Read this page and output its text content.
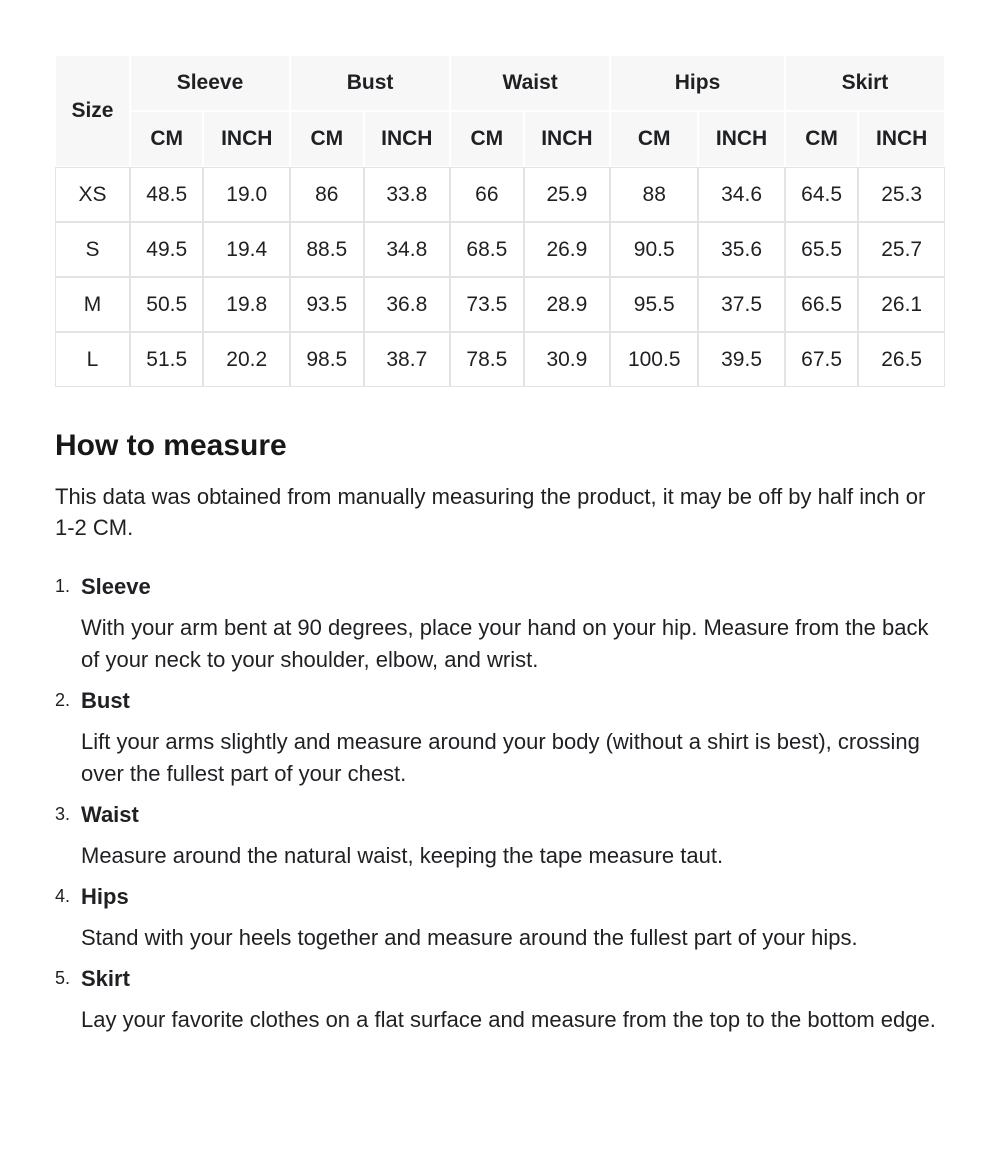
Size	Sleeve		Bust		Waist		Hips		Skirt	
	CM	INCH	CM	INCH	CM	INCH	CM	INCH	CM	INCH
XS	48.5	19.0	86	33.8	66	25.9	88	34.6	64.5	25.3
S	49.5	19.4	88.5	34.8	68.5	26.9	90.5	35.6	65.5	25.7
M	50.5	19.8	93.5	36.8	73.5	28.9	95.5	37.5	66.5	26.1
L	51.5	20.2	98.5	38.7	78.5	30.9	100.5	39.5	67.5	26.5
How to measure

This data was obtained from manually measuring the product, it may be off by half inch or 1-2 CM.

1. Sleeve

With your arm bent at 90 degrees, place your hand on your hip. Measure from the back of your neck to your shoulder, elbow, and wrist.

2. Bust

Lift your arms slightly and measure around your body (without a shirt is best), crossing over the fullest part of your chest.

3. Waist

Measure around the natural waist, keeping the tape measure taut.

4. Hips

Stand with your heels together and measure around the fullest part of your hips.

5. Skirt

Lay your favorite clothes on a flat surface and measure from the top to the bottom edge.
